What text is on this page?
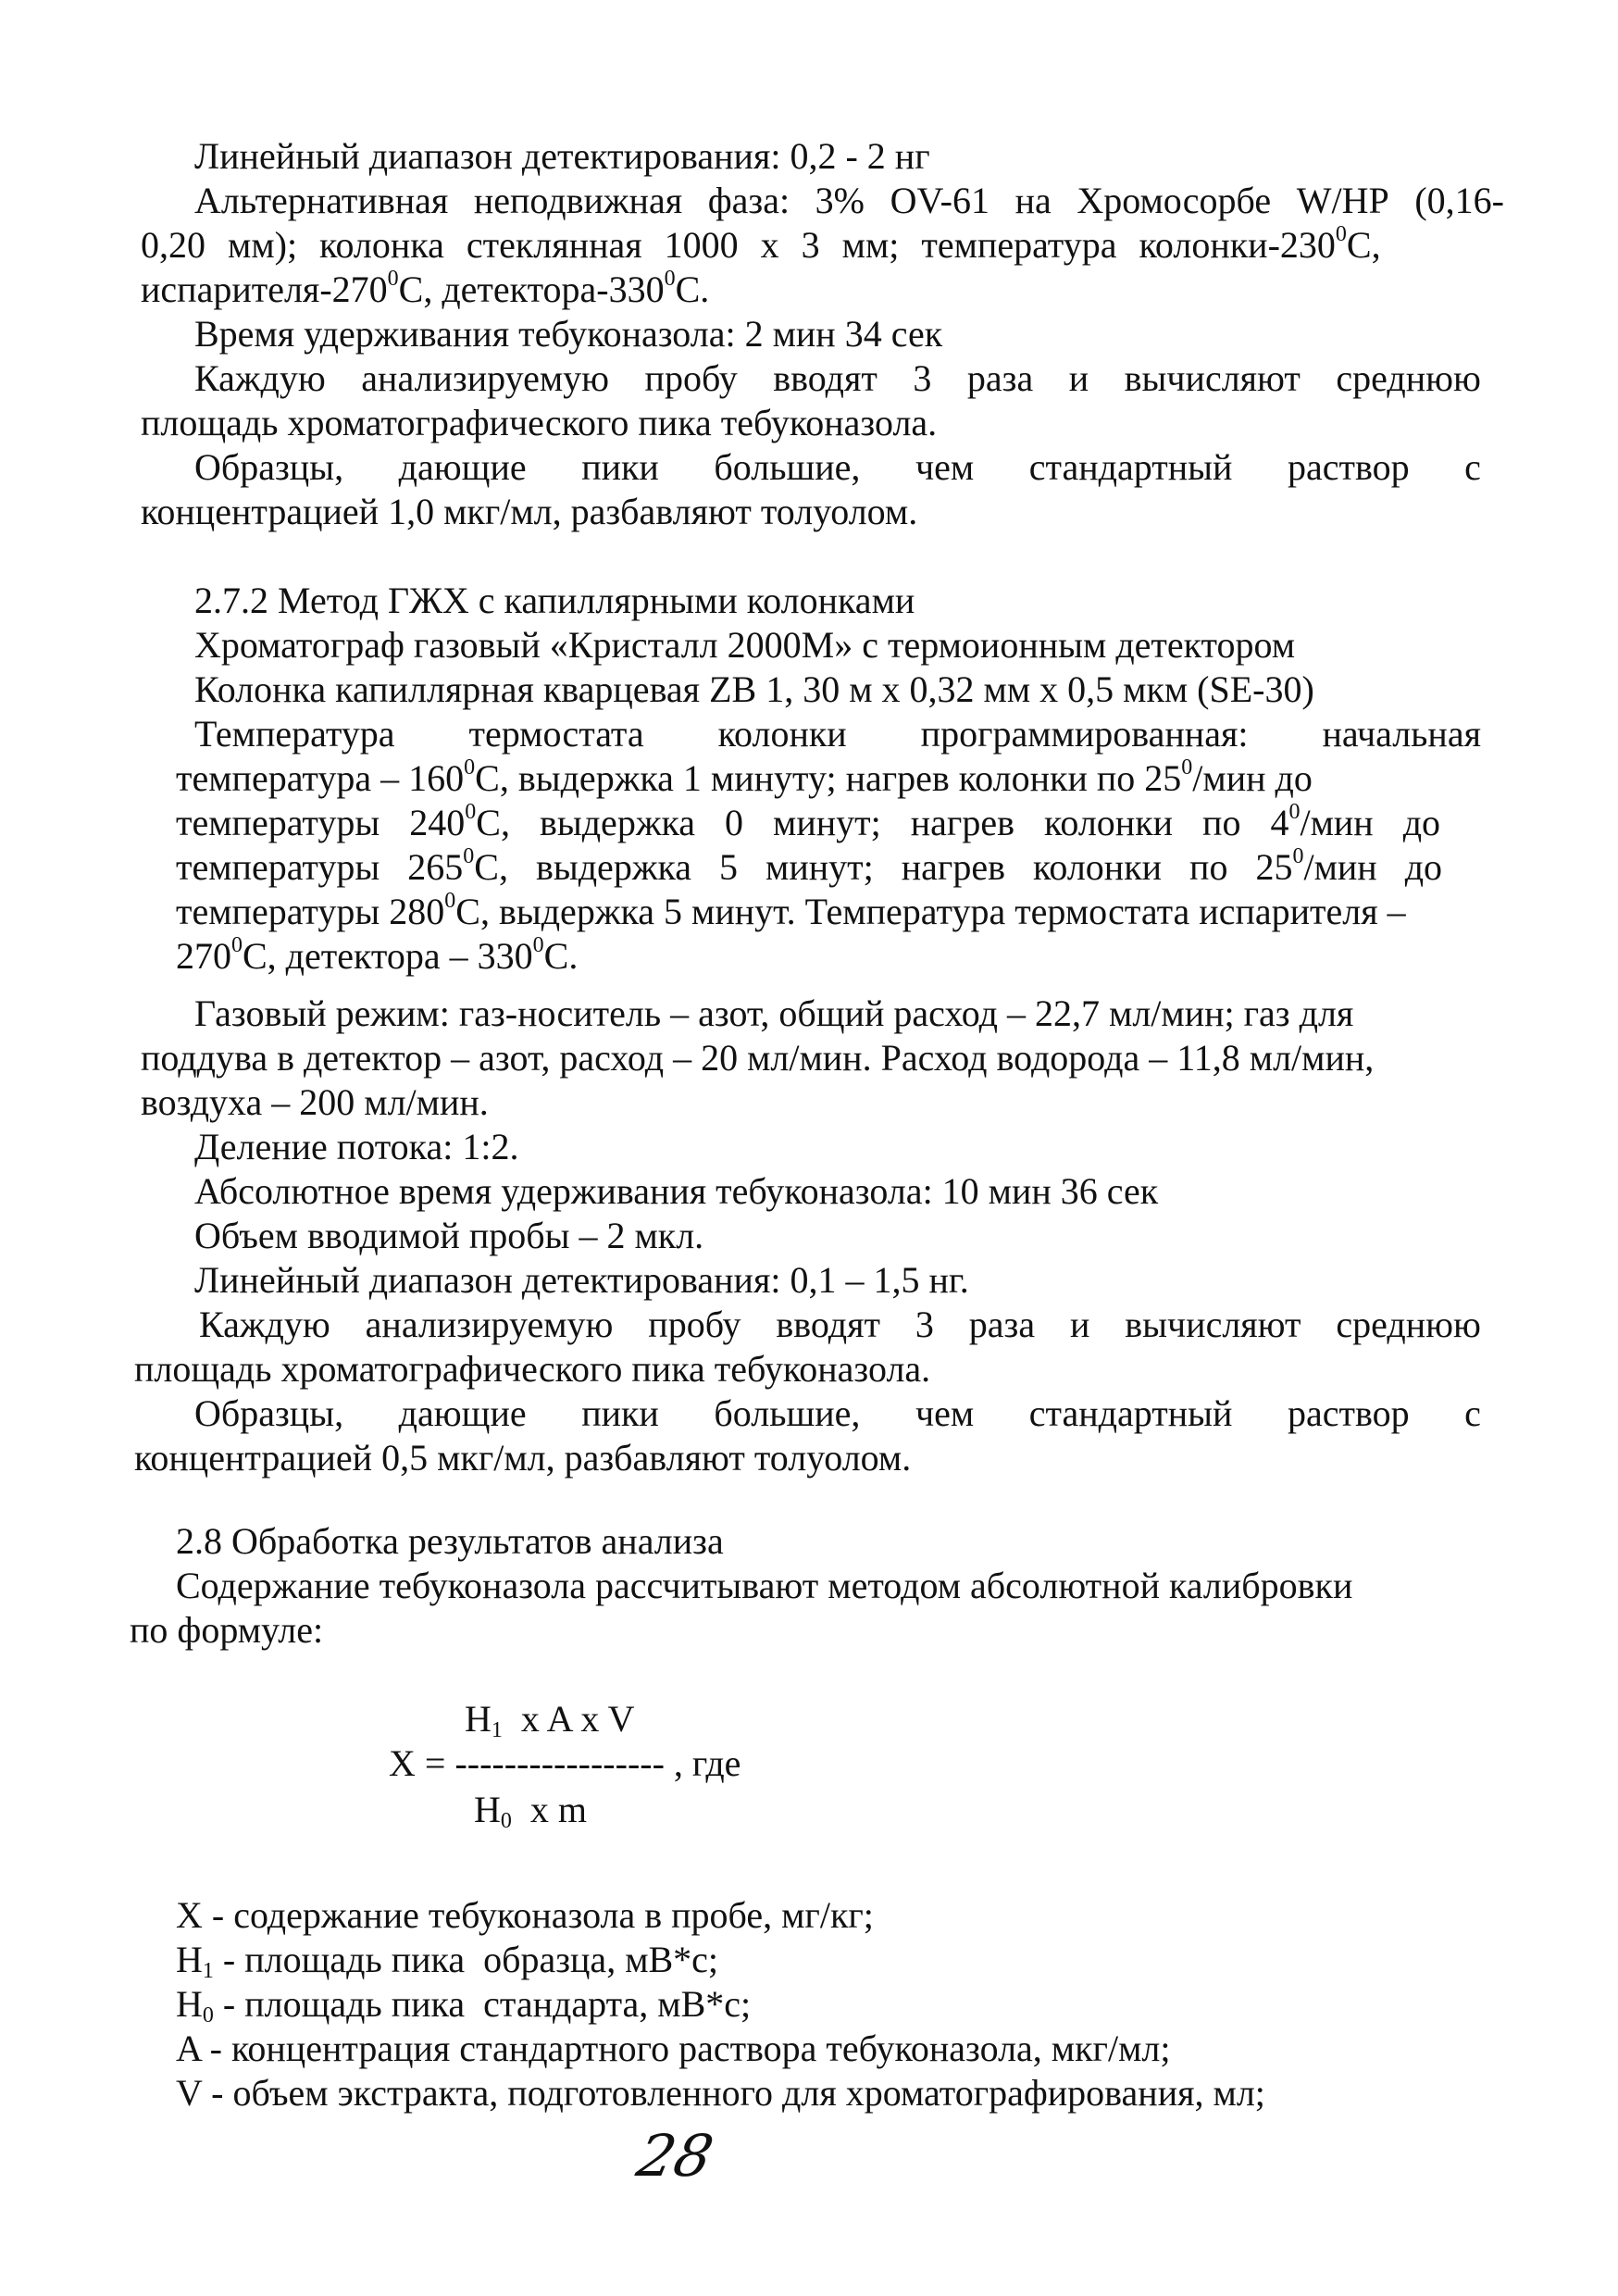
Линейный диапазон детектирования: 0,2 - 2 нг
Альтернативная неподвижная фаза: 3% OV-61 на Хромосорбе W/HP (0,16-
0,20 мм); колонка стеклянная 1000 х 3 мм; температура колонки-$230^0С$,
испарителя-$270^0С$, детектора-$330^0С$.
Время удерживания тебуконазола: 2 мин 34 сек
Каждую анализируемую пробу вводят 3 раза и вычисляют среднюю
площадь хроматографического пика тебуконазола.
Образцы, дающие пики большие, чем стандартный раствор с
концентрацией 1,0 мкг/мл, разбавляют толуолом.
2.7.2 Метод ГЖХ с капиллярными колонками
Хроматограф газовый «Кристалл 2000М» с термоионным детектором
Колонка капиллярная кварцевая ZB 1, 30 м х 0,32 мм х 0,5 мкм (SE-30)
Температура термостата колонки программированная: начальная
температура – $160^0С$, выдержка 1 минуту; нагрев колонки по $25^0$/мин до
температуры $240^0С$, выдержка 0 минут; нагрев колонки по $4^0$/мин до
температуры $265^0С$, выдержка 5 минут; нагрев колонки по $25^0$/мин до
температуры $280^0С$, выдержка 5 минут. Температура термостата испарителя –
$270^0С$, детектора – $330^0С$.
Газовый режим: газ-носитель – азот, общий расход – 22,7 мл/мин; газ для
поддува в детектор – азот, расход – 20 мл/мин. Расход водорода – 11,8 мл/мин,
воздуха – 200 мл/мин.
Деление потока: 1:2.
Абсолютное время удерживания тебуконазола: 10 мин 36 сек
Объем вводимой пробы – 2 мкл.
Линейный диапазон детектирования: 0,1 – 1,5 нг.
Каждую анализируемую пробу вводят 3 раза и вычисляют среднюю
площадь хроматографического пика тебуконазола.
Образцы, дающие пики большие, чем стандартный раствор с
концентрацией 0,5 мкг/мл, разбавляют толуолом.
2.8 Обработка результатов анализа
Содержание тебуконазола рассчитывают методом абсолютной калибровки
по формуле:
$H_1$  x A x V
X = ----------------- , где
$H_0$  x m
X - содержание тебуконазола в пробе, мг/кг;
$H_1$ - площадь пика  образца, мВ*с;
$H_0$ - площадь пика  стандарта, мВ*с;
A - концентрация стандартного раствора тебуконазола, мкг/мл;
V - объем экстракта, подготовленного для хроматографирования, мл;
28
